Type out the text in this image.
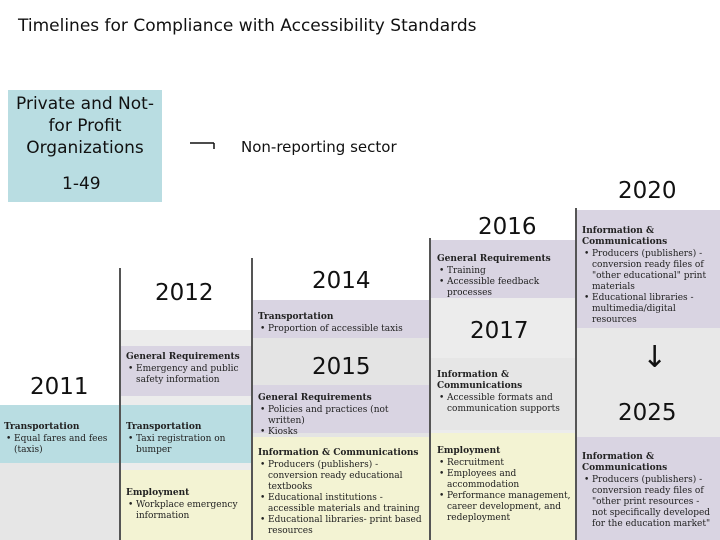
Timelines for Compliance with Accessibility Standards
Private and Not-for Profit Organizations
1-49
Non-reporting sector
2011
2012	2014
2015
2016
2017
2020
2025
↓
Transportation
• Equal fares and fees (taxis)
General Requirements
• Emergency and public safety information
Transportation
• Taxi registration on bumper
Employment
• Workplace emergency information
Transportation
• Proportion of accessible taxis
General Requirements
• Policies and practices (not written)
• Kiosks
Information & Communications
• Producers (publishers) - conversion ready educational textbooks
• Educational institutions - accessible materials and training
• Educational libraries- print based resources
General Requirements
• Training
• Accessible feedback processes
Information & Communications
• Accessible formats and communication supports
Employment
• Recruitment
• Employees and accommodation
• Performance management, career development, and redeployment
Information & Communications
• Producers (publishers) - conversion ready files of "other educational" print materials
• Educational libraries - multimedia/digital resources
Information & Communications
• Producers (publishers) - conversion ready files of "other print resources - not specifically developed for the education market"
